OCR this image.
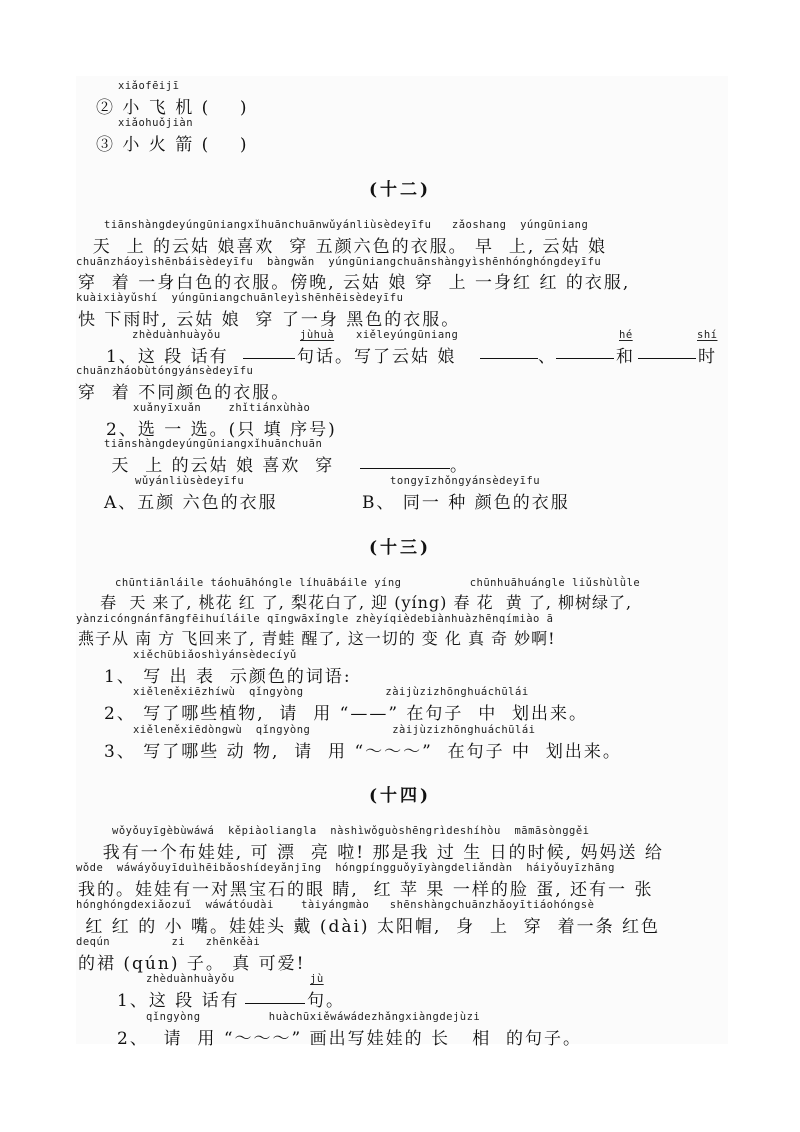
xiǎofēijī
② 小 飞 机 (    )
xiǎohuǒjiàn
③ 小 火 箭 (    )
(十二)
tiānshàngdeyúngūniangxǐhuānchuānwǔyánliùsèdeyīfu   zǎoshang  yúngūniang
天  上 的云姑 娘喜欢  穿 五颜六色的衣服。 早  上, 云姑 娘
chuānzháoyìshēnbáisèdeyīfu  bàngwǎn  yúngūniangchuānshàngyìshēnhónghóngdeyīfu
穿  着 一身白色的衣服。傍晚, 云姑 娘 穿  上 一身红 红 的衣服,
kuàixiàyǔshí  yúngūniangchuānleyìshēnhēisèdeyīfu
快 下雨时, 云姑 娘  穿 了一身 黑色的衣服。
zhèduànhuàyǒu	jùhuà xiěleyúngūniang	hé	shí
1、这 段 话有	句话。写了云姑 娘	、	和	时
chuānzháobùtóngyánsèdeyīfu
穿  着 不同颜色的衣服。
xuǎnyīxuǎn    zhǐtiánxùhào
2、选 一 选。(只 填 序号)
tiānshàngdeyúngūniangxǐhuānchuān
天  上 的云姑 娘 喜欢  穿	。
wǔyánliùsèdeyīfu
A、五颜 六色的衣服
tongyīzhǒngyánsèdeyīfu
B、 同一 种 颜色的衣服
(十三)
chūntiānláile táohuāhóngle líhuābáile yíng          chūnhuāhuángle liǔshùlǜle
春  天 来了, 桃花 红 了, 梨花白了, 迎 (yíng) 春 花  黄 了, 柳树绿了,
yànzicóngnánfāngfēihuíláile qīngwāxǐngle zhèyíqièdebiànhuàzhēnqímiào ā
燕子从 南 方 飞回来了, 青蛙 醒了, 这一切的 变 化 真 奇 妙啊!
xiěchūbiǎoshìyánsèdecíyǔ
1、 写 出 表  示颜色的词语:
xiěleněxiēzhíwù  qǐngyòng            zàijùzizhōnghuáchūlái
2、 写了哪些植物,  请  用 “——” 在句子  中  划出来。
xiěleněxiēdòngwù  qǐngyòng            zàijùzizhōnghuáchūlái
3、 写了哪些 动 物,  请  用 “～～～”  在句子 中  划出来。
(十四)
wǒyǒuyīgèbùwáwá  kěpiàoliangla  nàshìwǒguòshēngrìdeshíhòu  māmāsònggěi
我有一个布娃娃, 可 漂  亮 啦! 那是我 过 生 日的时候, 妈妈送 给
wǒde  wáwáyǒuyīduìhēibǎoshídeyǎnjīng  hóngpíngguǒyīyàngdeliǎndàn  háiyǒuyīzhāng
我的。娃娃有一对黑宝石的眼 睛,  红 苹 果 一样的脸 蛋, 还有一 张
hónghóngdexiǎozuǐ  wáwátóudài    tàiyángmào   shēnshàngchuānzhǎoyītiáohóngsè
红 红 的 小 嘴。娃娃头 戴 (dài) 太阳帽,  身  上  穿  着一条 红色
deqún         zi   zhēnkěài
的裙 (qún) 子。 真 可爱!
zhèduànhuàyǒu	jù
1、这 段 话有	句。
qǐngyòng          huàchūxiěwáwádezhǎngxiàngdejùzi
2、  请  用 “～～～” 画出写娃娃的 长   相  的句子。
